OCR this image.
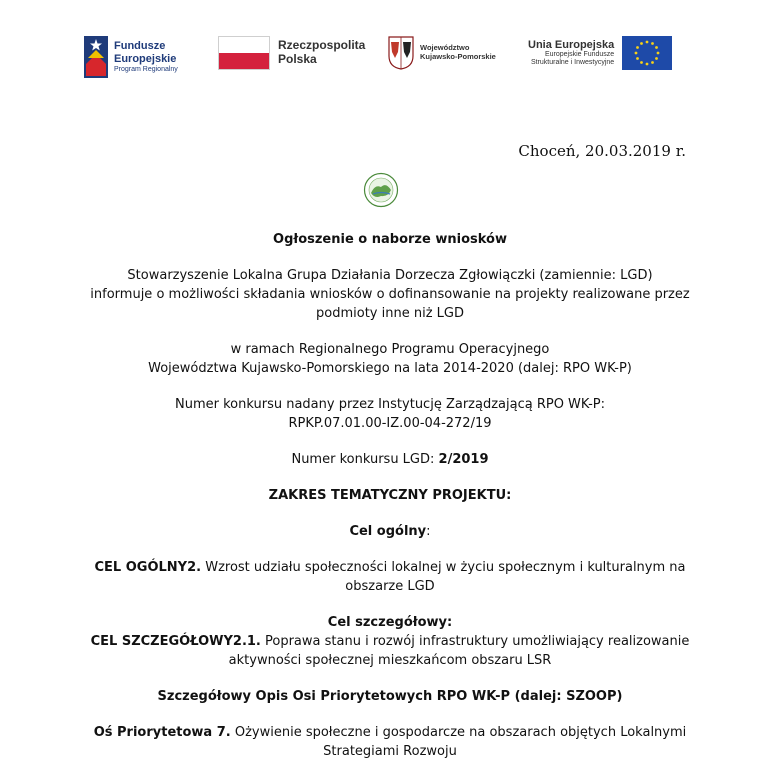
Fundusze
Europejskie
Program Regionalny
Rzeczpospolita
Polska
Województwo
Kujawsko-Pomorskie
Unia Europejska
Europejskie Fundusze
Strukturalne i Inwestycyjne
Choceń, 20.03.2019 r.

Ogłoszenie o naborze wniosków

Stowarzyszenie Lokalna Grupa Działania Dorzecza Zgłowiączki (zamiennie: LGD)

informuje o możliwości składania wniosków o dofinansowanie na projekty realizowane przez

podmioty inne niż LGD

w ramach Regionalnego Programu Operacyjnego

Województwa Kujawsko-Pomorskiego na lata 2014-2020 (dalej: RPO WK-P)

Numer konkursu nadany przez Instytucję Zarządzającą RPO WK-P:

RPKP.07.01.00-IZ.00-04-272/19

Numer konkursu LGD: 2/2019

ZAKRES TEMATYCZNY PROJEKTU:

Cel ogólny:

CEL OGÓLNY2. Wzrost udziału społeczności lokalnej w życiu społecznym i kulturalnym na

obszarze LGD

Cel szczegółowy:

CEL SZCZEGÓŁOWY2.1. Poprawa stanu i rozwój infrastruktury umożliwiający realizowanie

aktywności społecznej mieszkańcom obszaru LSR

Szczegółowy Opis Osi Priorytetowych RPO WK-P (dalej: SZOOP)

Oś Priorytetowa 7. Ożywienie społeczne i gospodarcze na obszarach objętych Lokalnymi

Strategiami Rozwoju
